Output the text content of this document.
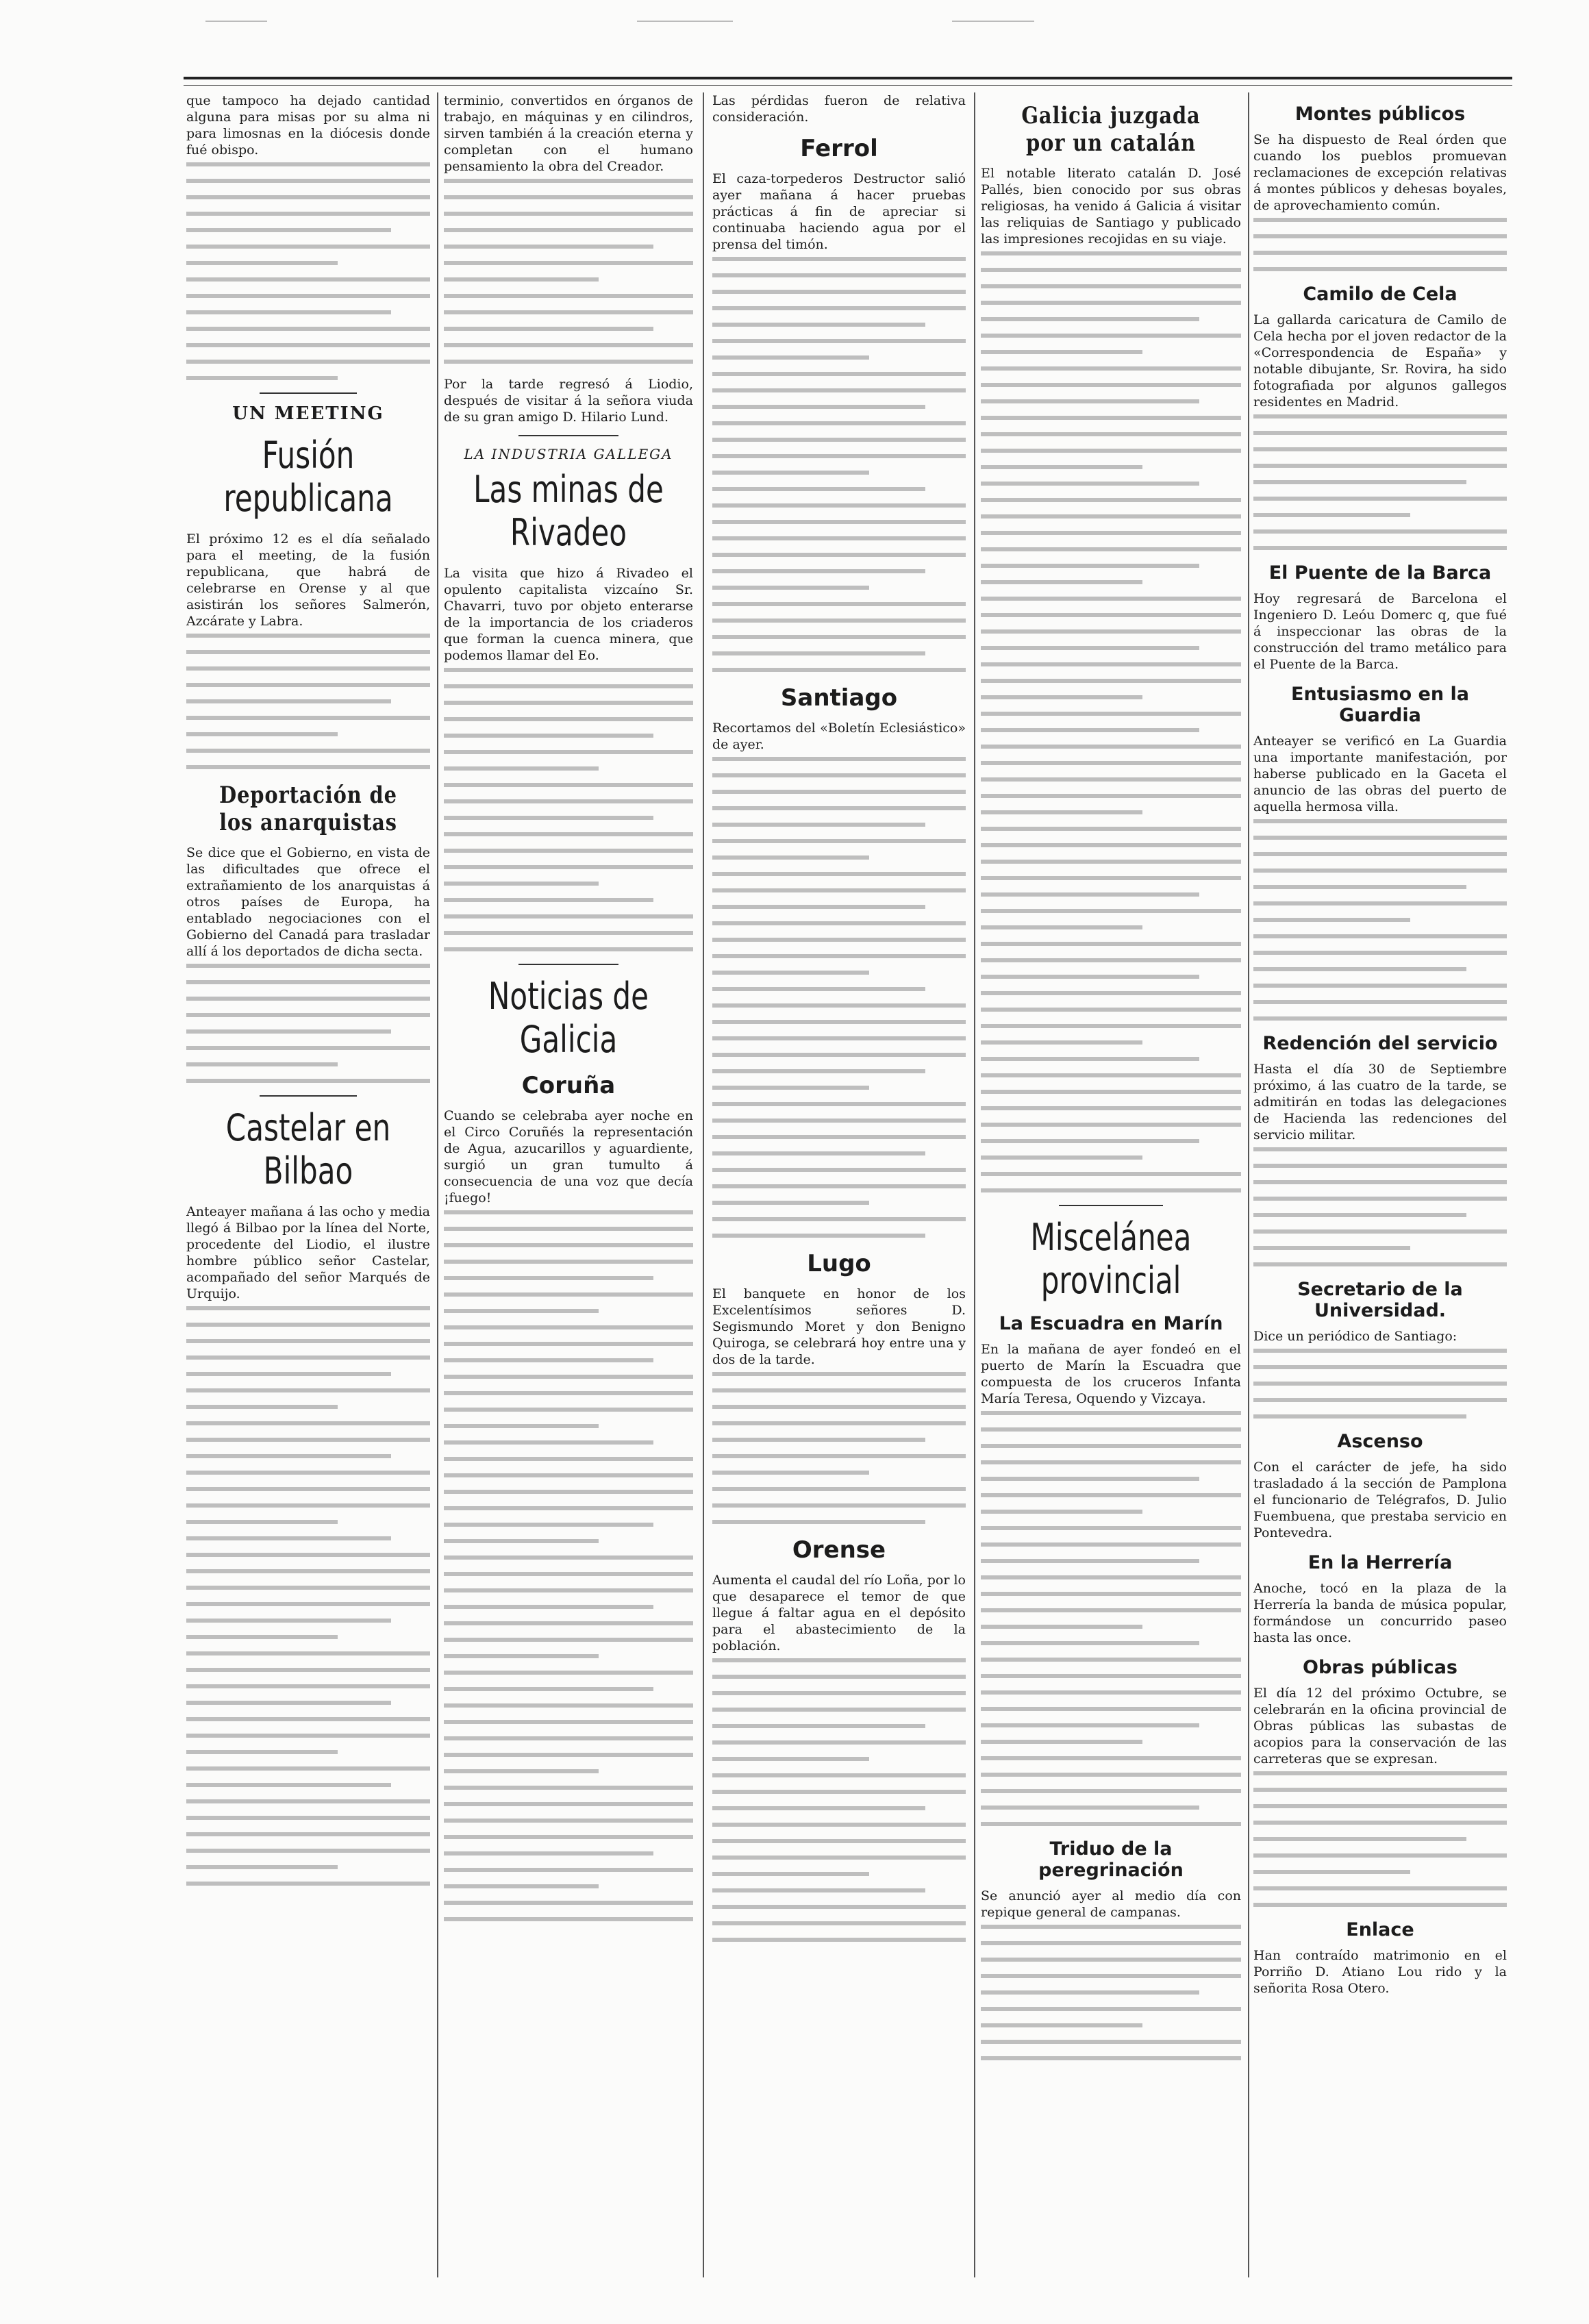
que tampoco ha dejado cantidad alguna para misas por su alma ni para limosnas en la diócesis donde fué obispo.

UN MEETING
Fusión republicana

El próximo 12 es el día señalado para el meeting, de la fusión republicana, que habrá de celebrarse en Orense y al que asistirán los señores Salmerón, Azcárate y Labra.

Deportación de los anarquistas

Se dice que el Gobierno, en vista de las dificultades que ofrece el extrañamiento de los anarquistas á otros países de Europa, ha entablado negociaciones con el Gobierno del Canadá para trasladar allí á los deportados de dicha secta.

Castelar en Bilbao

Anteayer mañana á las ocho y media llegó á Bilbao por la línea del Norte, procedente del Liodio, el ilustre hombre público señor Castelar, acompañado del señor Marqués de Urquijo.

terminio, convertidos en órganos de trabajo, en máquinas y en cilindros, sirven también á la creación eterna y completan con el humano pensamiento la obra del Creador.

Por la tarde regresó á Liodio, después de visitar á la señora viuda de su gran amigo D. Hilario Lund.

LA INDUSTRIA GALLEGA
Las minas de Rivadeo

La visita que hizo á Rivadeo el opulento capitalista vizcaíno Sr. Chavarri, tuvo por objeto enterarse de la importancia de los criaderos que forman la cuenca minera, que podemos llamar del Eo.

Noticias de Galicia
Coruña

Cuando se celebraba ayer noche en el Circo Coruñés la representación de Agua, azucarillos y aguardiente, surgió un gran tumulto á consecuencia de una voz que decía ¡fuego!

Las pérdidas fueron de relativa consideración.

Ferrol

El caza-torpederos Destructor salió ayer mañana á hacer pruebas prácticas á fin de apreciar si continuaba haciendo agua por el prensa del timón.

Santiago

Recortamos del «Boletín Eclesiástico» de ayer.

Lugo

El banquete en honor de los Excelentísimos señores D. Segismundo Moret y don Benigno Quiroga, se celebrará hoy entre una y dos de la tarde.

Orense

Aumenta el caudal del río Loña, por lo que desaparece el temor de que llegue á faltar agua en el depósito para el abastecimiento de la población.

Galicia juzgada por un catalán

El notable literato catalán D. José Pallés, bien conocido por sus obras religiosas, ha venido á Galicia á visitar las reliquias de Santiago y publicado las impresiones recojidas en su viaje.

Miscelánea provincial
La Escuadra en Marín

En la mañana de ayer fondeó en el puerto de Marín la Escuadra que compuesta de los cruceros Infanta María Teresa, Oquendo y Vizcaya.

Triduo de la peregrinación

Se anunció ayer al medio día con repique general de campanas.

Montes públicos

Se ha dispuesto de Real órden que cuando los pueblos promuevan reclamaciones de excepción relativas á montes públicos y dehesas boyales, de aprovechamiento común.

Camilo de Cela

La gallarda caricatura de Camilo de Cela hecha por el joven redactor de la «Correspondencia de España» y notable dibujante, Sr. Rovira, ha sido fotografiada por algunos gallegos residentes en Madrid.

El Puente de la Barca

Hoy regresará de Barcelona el Ingeniero D. Leóu Domerc q, que fué á inspeccionar las obras de la construcción del tramo metálico para el Puente de la Barca.

Entusiasmo en la Guardia

Anteayer se verificó en La Guardia una importante manifestación, por haberse publicado en la Gaceta el anuncio de las obras del puerto de aquella hermosa villa.

Redención del servicio

Hasta el día 30 de Septiembre próximo, á las cuatro de la tarde, se admitirán en todas las delegaciones de Hacienda las redenciones del servicio militar.

Secretario de la Universidad.

Dice un periódico de Santiago:

Ascenso

Con el carácter de jefe, ha sido trasladado á la sección de Pamplona el funcionario de Telégrafos, D. Julio Fuembuena, que prestaba servicio en Pontevedra.

En la Herrería

Anoche, tocó en la plaza de la Herrería la banda de música popular, formándose un concurrido paseo hasta las once.

Obras públicas

El día 12 del próximo Octubre, se celebrarán en la oficina provincial de Obras públicas las subastas de acopios para la conservación de las carreteras que se expresan.

Enlace

Han contraído matrimonio en el Porriño D. Atiano Lou rido y la señorita Rosa Otero.
